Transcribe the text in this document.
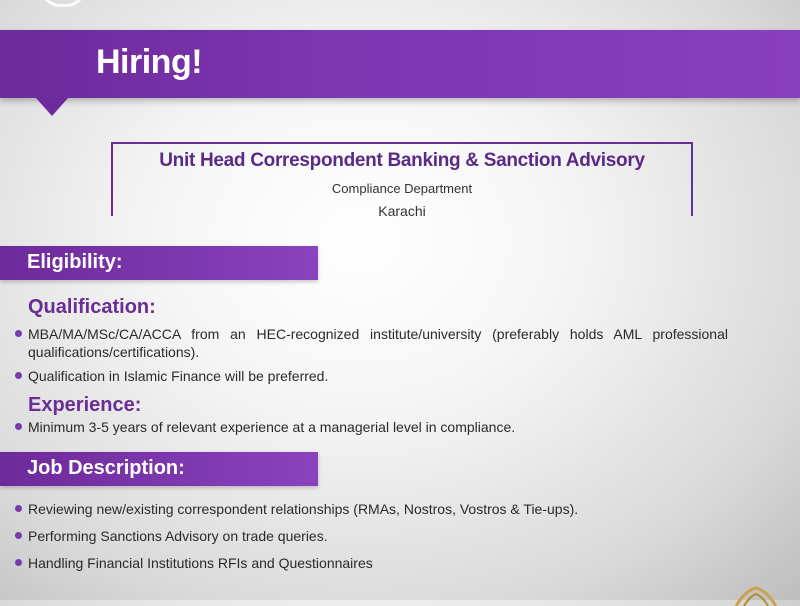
Hiring!

Unit Head Correspondent Banking & Sanction Advisory

Compliance Department

Karachi

Eligibility:
Qualification:
MBA/MA/MSc/CA/ACCA from an HEC-recognized institute/university (preferably holds AML professional qualifications/certifications).
Qualification in Islamic Finance will be preferred.
Experience:
Minimum 3-5 years of relevant experience at a managerial level in compliance.
Job Description:
Reviewing new/existing correspondent relationships (RMAs, Nostros, Vostros & Tie-ups).
Performing Sanctions Advisory on trade queries.
Handling Financial Institutions RFIs and Questionnaires
